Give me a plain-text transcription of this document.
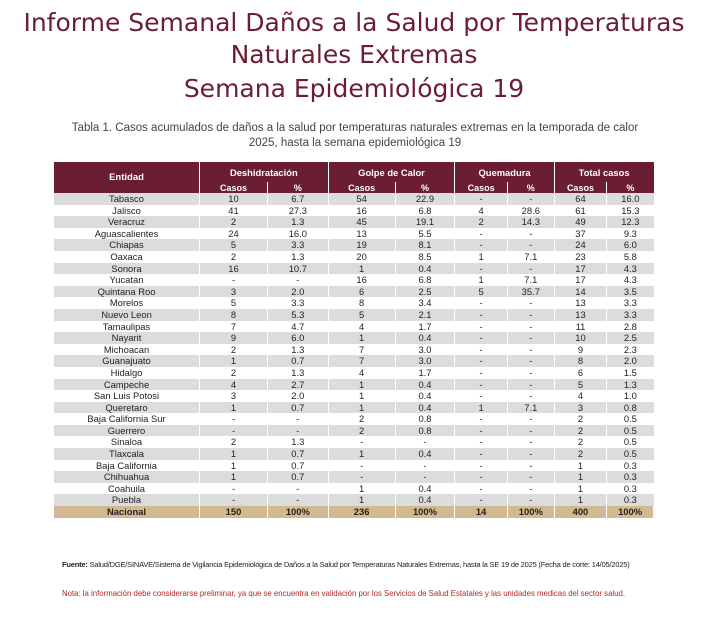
Informe Semanal Daños a la Salud por Temperaturas
Naturales Extremas
Semana Epidemiológica 19
Tabla 1. Casos acumulados de daños a la salud por temperaturas naturales extremas en la temporada de calor 2025, hasta la semana epidemiológica 19
Entidad	Deshidratación		Golpe de Calor		Quemadura		Total casos	
	Casos	%	Casos	%	Casos	%	Casos	%
Tabasco	10	6.7	54	22.9	-	-	64	16.0
Jalisco	41	27.3	16	6.8	4	28.6	61	15.3
Veracruz	2	1.3	45	19.1	2	14.3	49	12.3
Aguascalientes	24	16.0	13	5.5	-	-	37	9.3
Chiapas	5	3.3	19	8.1	-	-	24	6.0
Oaxaca	2	1.3	20	8.5	1	7.1	23	5.8
Sonora	16	10.7	1	0.4	-	-	17	4.3
Yucatan	-	-	16	6.8	1	7.1	17	4.3
Quintana Roo	3	2.0	6	2.5	5	35.7	14	3.5
Morelos	5	3.3	8	3.4	-	-	13	3.3
Nuevo Leon	8	5.3	5	2.1	-	-	13	3.3
Tamaulipas	7	4.7	4	1.7	-	-	11	2.8
Nayarit	9	6.0	1	0.4	-	-	10	2.5
Michoacan	2	1.3	7	3.0	-	-	9	2.3
Guanajuato	1	0.7	7	3.0	-	-	8	2.0
Hidalgo	2	1.3	4	1.7	-	-	6	1.5
Campeche	4	2.7	1	0.4	-	-	5	1.3
San Luis Potosi	3	2.0	1	0.4	-	-	4	1.0
Queretaro	1	0.7	1	0.4	1	7.1	3	0.8
Baja California Sur	-	-	2	0.8	-	-	2	0.5
Guerrero	-	-	2	0.8	-	-	2	0.5
Sinaloa	2	1.3	-	-	-	-	2	0.5
Tlaxcala	1	0.7	1	0.4	-	-	2	0.5
Baja California	1	0.7	-	-	-	-	1	0.3
Chihuahua	1	0.7	-	-	-	-	1	0.3
Coahuila	-	-	1	0.4	-	-	1	0.3
Puebla	-	-	1	0.4	-	-	1	0.3
Nacional	150	100%	236	100%	14	100%	400	100%
Fuente: Salud/DGE/SINAVE/Sistema de Vigilancia Epidemiológica de Daños a la Salud por Temperaturas Naturales Extremas, hasta la SE 19 de 2025 (Fecha de corte: 14/05/2025)
Nota: la información debe considerarse preliminar, ya que se encuentra en validación por los Servicios de Salud Estatales y las unidades medicas del sector salud.
